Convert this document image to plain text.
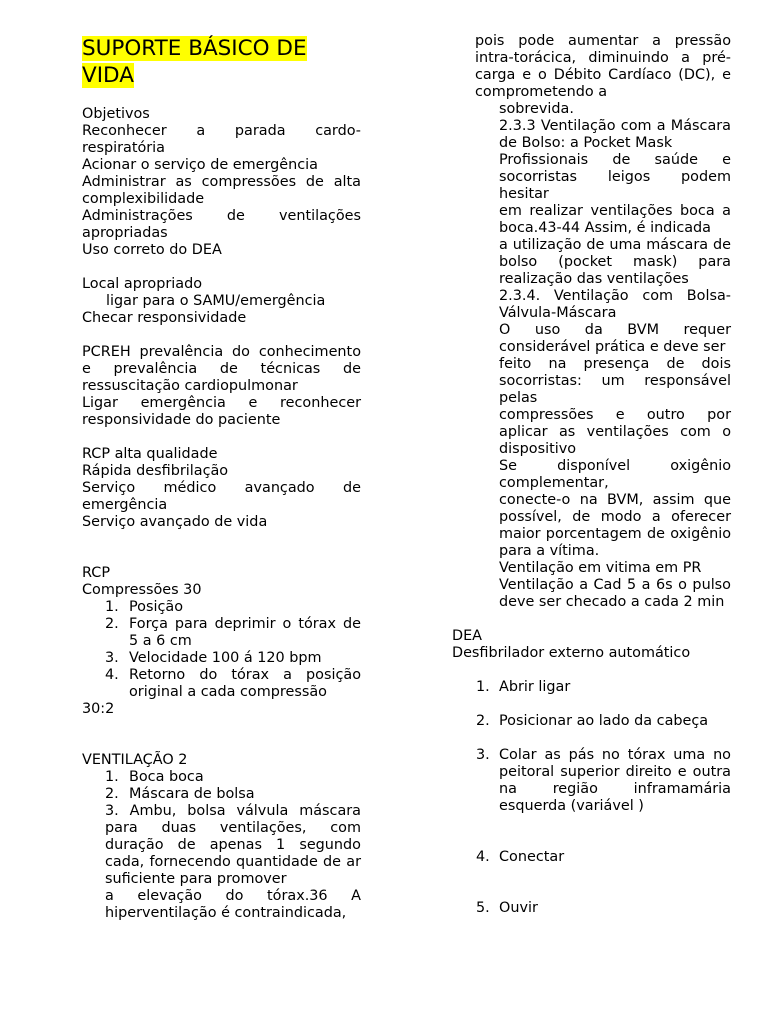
SUPORTE BÁSICO DE VIDA
Objetivos
Reconhecer a parada cardo-respiratória
Acionar o serviço de emergência
Administrar as compressões de alta complexibilidade
Administrações de ventilações apropriadas
Uso correto do DEA
Local apropriado
ligar para o SAMU/emergência
Checar responsividade
PCREH prevalência do conhecimento e prevalência de técnicas de ressuscitação cardiopulmonar
Ligar emergência e reconhecer responsividade do paciente
RCP alta qualidade
Rápida desfibrilação
Serviço médico avançado de emergência
Serviço avançado de vida
RCP
Compressões 30
1. Posição
2. Força para deprimir o tórax de 5 a 6 cm
3. Velocidade 100 á 120 bpm
4. Retorno do tórax a posição original a cada compressão
30:2
VENTILAÇÃO 2
1. Boca boca
2. Máscara de bolsa
3. Ambu, bolsa válvula máscara para duas ventilações, com duração de apenas 1 segundo cada, fornecendo quantidade de ar suficiente para promover
a elevação do tórax.36 A hiperventilação é contraindicada,
pois pode aumentar a pressão intra-torácica, diminuindo a pré-carga e o Débito Cardíaco (DC), e comprometendo a
sobrevida.
2.3.3 Ventilação com a Máscara de Bolso: a Pocket Mask
Profissionais de saúde e socorristas leigos podem hesitar
em realizar ventilações boca a boca.43-44 Assim, é indicada
a utilização de uma máscara de bolso (pocket mask) para realização das ventilações
2.3.4. Ventilação com Bolsa-Válvula-Máscara
O uso da BVM requer considerável prática e deve ser
feito na presença de dois socorristas: um responsável pelas
compressões e outro por aplicar as ventilações com o dispositivo
Se disponível oxigênio complementar,
conecte-o na BVM, assim que possível, de modo a oferecer maior porcentagem de oxigênio para a vítima.
Ventilação em vitima em PR
Ventilação a Cad 5 a 6s o pulso deve ser checado a cada 2 min
DEA
Desfibrilador externo automático
1. Abrir ligar
2. Posicionar ao lado da cabeça
3. Colar as pás no tórax uma no peitoral superior direito e outra na região inframamária esquerda (variável )
4. Conectar
5. Ouvir
